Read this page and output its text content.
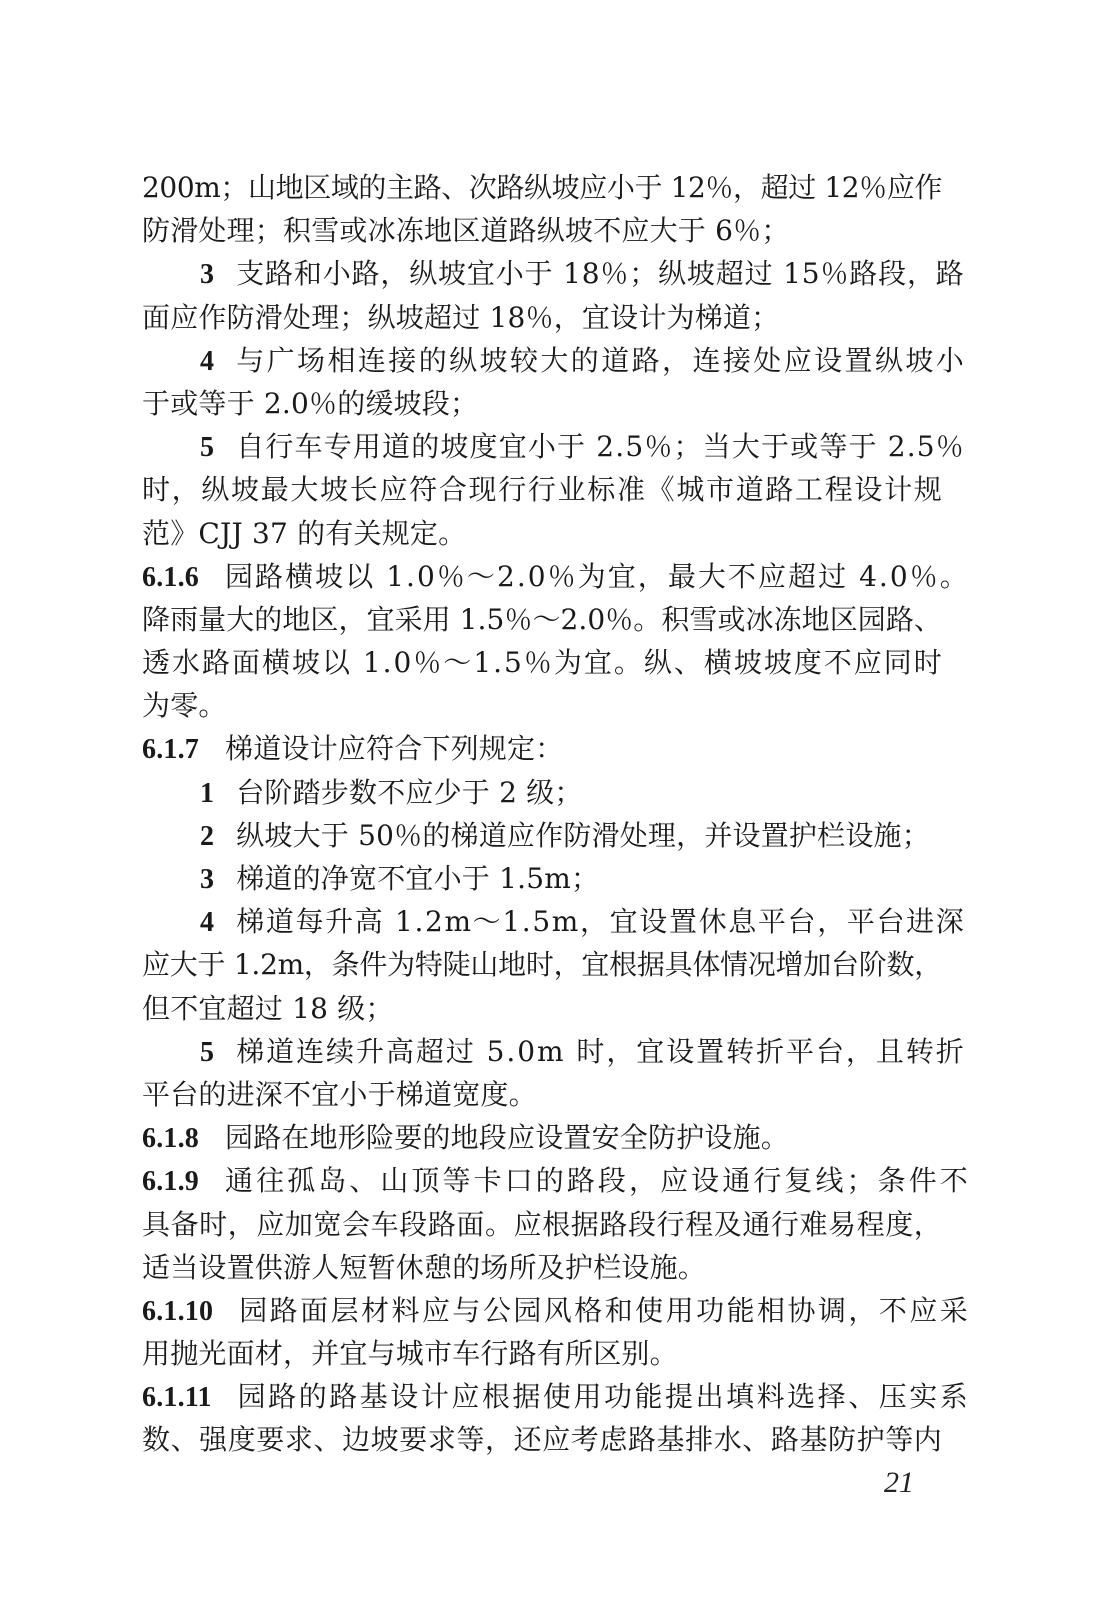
200m；山地区域的主路、次路纵坡应小于 12％，超过 12％应作
防滑处理；积雪或冰冻地区道路纵坡不应大于 6％；
3 支路和小路，纵坡宜小于 18％；纵坡超过 15％路段，路
面应作防滑处理；纵坡超过 18％，宜设计为梯道；
4 与广场相连接的纵坡较大的道路，连接处应设置纵坡小
于或等于 2.0％的缓坡段；
5 自行车专用道的坡度宜小于 2.5％；当大于或等于 2.5％
时，纵坡最大坡长应符合现行行业标准《城市道路工程设计规
范》CJJ 37 的有关规定。
6.1.6 园路横坡以 1.0％～2.0％为宜，最大不应超过 4.0％。
降雨量大的地区，宜采用 1.5％～2.0％。积雪或冰冻地区园路、
透水路面横坡以 1.0％～1.5％为宜。纵、横坡坡度不应同时
为零。
6.1.7 梯道设计应符合下列规定：
1 台阶踏步数不应少于 2 级；
2 纵坡大于 50％的梯道应作防滑处理，并设置护栏设施；
3 梯道的净宽不宜小于 1.5m；
4 梯道每升高 1.2m～1.5m，宜设置休息平台，平台进深
应大于 1.2m，条件为特陡山地时，宜根据具体情况增加台阶数，
但不宜超过 18 级；
5 梯道连续升高超过 5.0m 时，宜设置转折平台，且转折
平台的进深不宜小于梯道宽度。
6.1.8 园路在地形险要的地段应设置安全防护设施。
6.1.9 通往孤岛、山顶等卡口的路段，应设通行复线；条件不
具备时，应加宽会车段路面。应根据路段行程及通行难易程度，
适当设置供游人短暂休憩的场所及护栏设施。
6.1.10 园路面层材料应与公园风格和使用功能相协调，不应采
用抛光面材，并宜与城市车行路有所区别。
6.1.11 园路的路基设计应根据使用功能提出填料选择、压实系
数、强度要求、边坡要求等，还应考虑路基排水、路基防护等内
21
